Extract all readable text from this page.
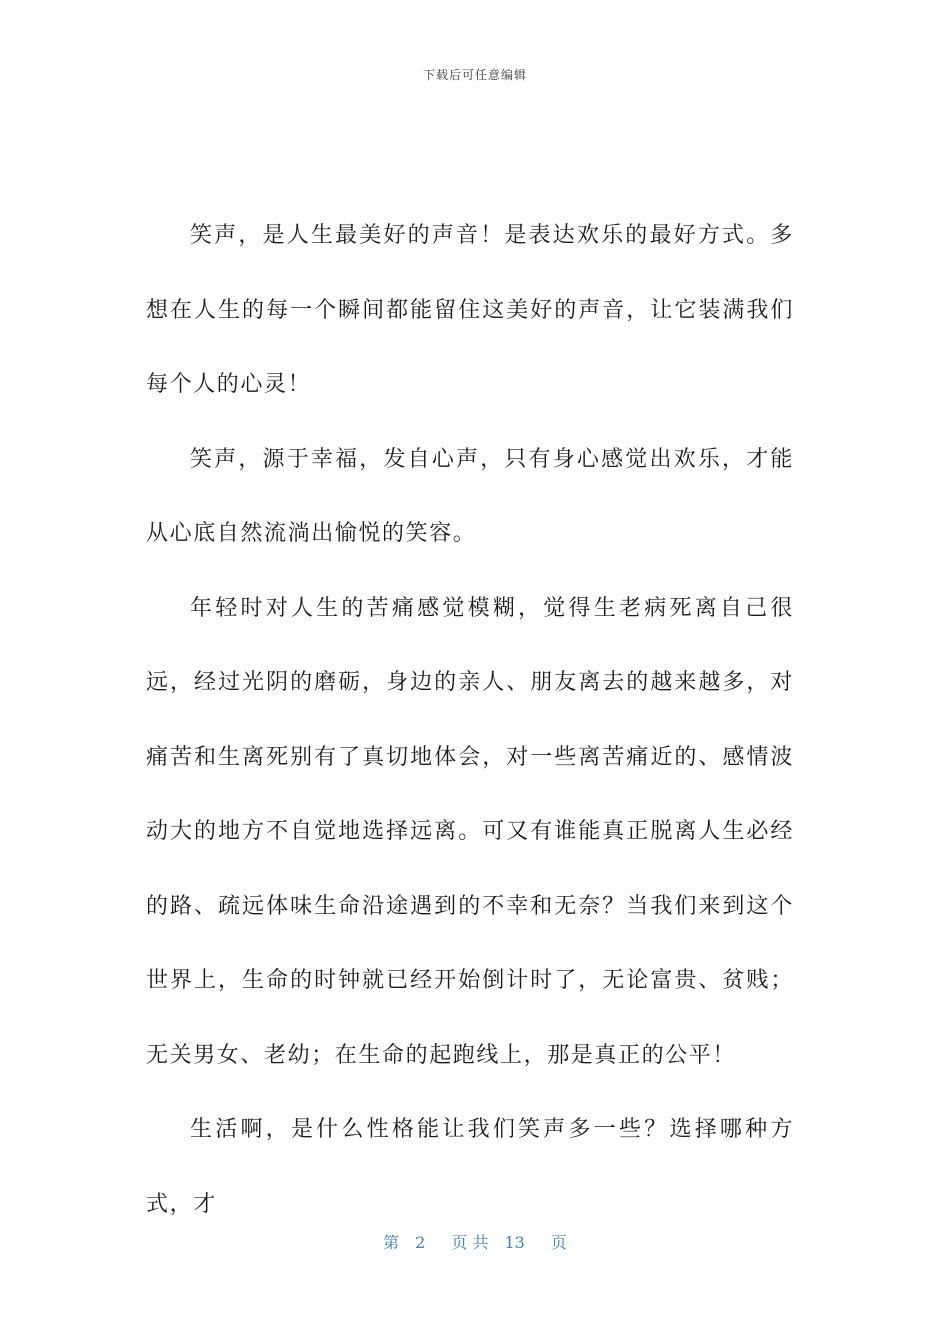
下载后可任意编辑

笑声，是人生最美好的声音！是表达欢乐的最好方式。多想在人生的每一个瞬间都能留住这美好的声音，让它装满我们每个人的心灵！

笑声，源于幸福，发自心声，只有身心感觉出欢乐，才能从心底自然流淌出愉悦的笑容。

年轻时对人生的苦痛感觉模糊，觉得生老病死离自己很远，经过光阴的磨砺，身边的亲人、朋友离去的越来越多，对痛苦和生离死别有了真切地体会，对一些离苦痛近的、感情波动大的地方不自觉地选择远离。可又有谁能真正脱离人生必经的路、疏远体味生命沿途遇到的不幸和无奈？当我们来到这个世界上，生命的时钟就已经开始倒计时了，无论富贵、贫贱；无关男女、老幼；在生命的起跑线上，那是真正的公平！

生活啊，是什么性格能让我们笑声多一些？选择哪种方式，才

第 2 页 共 13 页
